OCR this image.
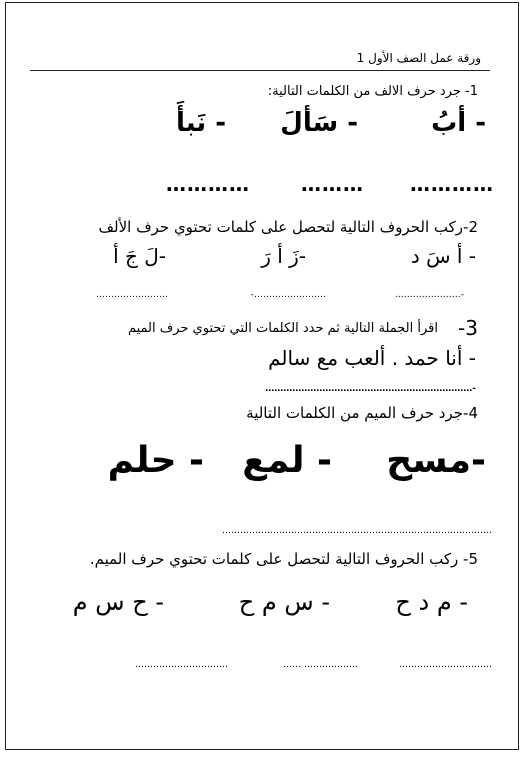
ورقة عمل الصف الأول 1
1- جرد حرف الالف من الكلمات التالية:
- أبُ
- سَألَ
- نَبأَ
…………
………
…………
2-ركب الحروف التالية لتحصل على كلمات تحتوي حرف الألف
- أ سَ د
-زَ أ رَ
-لَ جَ أ
-………………….
……………………-
……………………
3-
اقرأ الجملة التالية ثم حدد الكلمات التي تحتوي حرف الميم
- أنا حمد . ألعب مع سالم
-……………………………………………………………
4-جرد حرف الميم من الكلمات التالية
-مسح
- لمع
- حلم
………………………………………………………………………………
5- ركب الحروف التالية لتحصل على كلمات تحتوي حرف الميم.
- م د ح
- س م ح
- ح س م
………………………….
……………… ……
………………………….
